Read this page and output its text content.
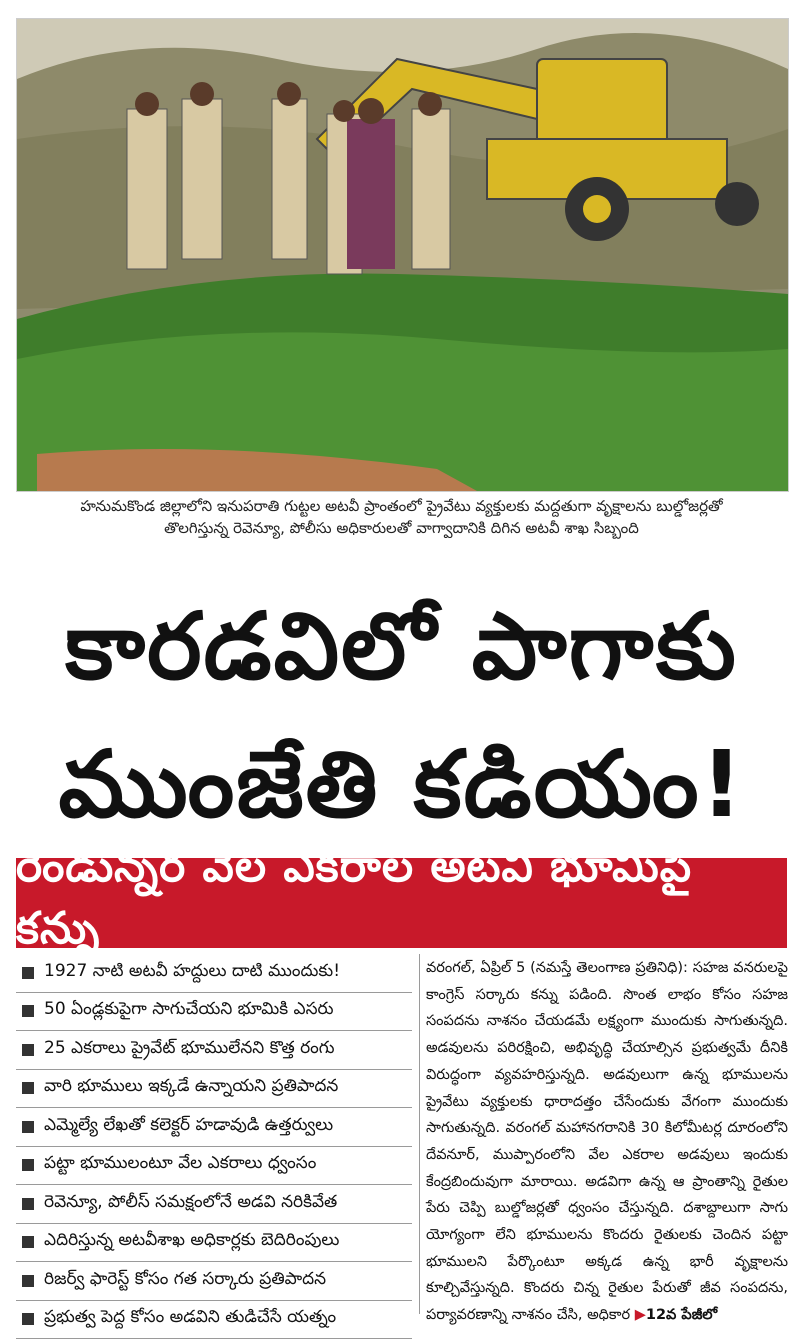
హనుమకొండ జిల్లాలోని ఇనుపరాతి గుట్టల అటవీ ప్రాంతంలో ప్రైవేటు వ్యక్తులకు మద్దతుగా వృక్షాలను బుల్డోజర్లతో
తొలగిస్తున్న రెవెన్యూ, పోలీసు అధికారులతో వాగ్వాదానికి దిగిన అటవీ శాఖ సిబ్బంది
కారడవిలో పాగాకు
ముంజేతి కడియం!
రెండున్నర వేల ఎకరాల అటవీ భూమిపై కన్ను
1927 నాటి అటవీ హద్దులు దాటి ముందుకు!
50 ఏండ్లకుపైగా సాగుచేయని భూమికి ఎసరు
25 ఎకరాలు ప్రైవేట్ భూములేనని కొత్త రంగు
వారి భూములు ఇక్కడే ఉన్నాయని ప్రతిపాదన
ఎమ్మెల్యే లేఖతో కలెక్టర్ హడావుడి ఉత్తర్వులు
పట్టా భూములంటూ వేల ఎకరాలు ధ్వంసం
రెవెన్యూ, పోలీస్ సమక్షంలోనే అడవి నరికివేత
ఎదిరిస్తున్న అటవీశాఖ అధికార్లకు బెదిరింపులు
రిజర్వ్ ఫారెస్ట్ కోసం గత సర్కారు ప్రతిపాదన
ప్రభుత్వ పెద్ద కోసం అడవిని తుడిచేసే యత్నం
వరంగల్, ఏప్రిల్ 5 (నమస్తే తెలంగాణ ప్రతినిధి): సహజ వనరులపై కాంగ్రెస్ సర్కారు కన్ను పడింది. సొంత లాభం కోసం సహజ సంపదను నాశనం చేయడమే లక్ష్యంగా ముందుకు సాగుతున్నది. అడవులను పరిరక్షించి, అభివృద్ధి చేయాల్సిన ప్రభుత్వమే దీనికి విరుద్ధంగా వ్యవహరిస్తున్నది. అడవులుగా ఉన్న భూములను ప్రైవేటు వ్యక్తులకు ధారాదత్తం చేసేందుకు వేగంగా ముందుకు సాగుతున్నది. వరంగల్ మహానగరానికి 30 కిలోమీటర్ల దూరంలోని దేవనూర్, ముప్పారంలోని వేల ఎకరాల అడవులు ఇందుకు కేంద్రబిందువుగా మారాయి. అడవిగా ఉన్న ఆ ప్రాంతాన్ని రైతుల పేరు చెప్పి బుల్డోజర్లతో ధ్వంసం చేస్తున్నది. దశాబ్దాలుగా సాగు యోగ్యంగా లేని భూములను కొందరు రైతులకు చెందిన పట్టా భూములని పేర్కొంటూ అక్కడ ఉన్న భారీ వృక్షాలను కూల్చివేస్తున్నది. కొందరు చిన్న రైతుల పేరుతో జీవ సంపదను, పర్యావరణాన్ని నాశనం చేసి, అధికార ▶12వ పేజీలో
